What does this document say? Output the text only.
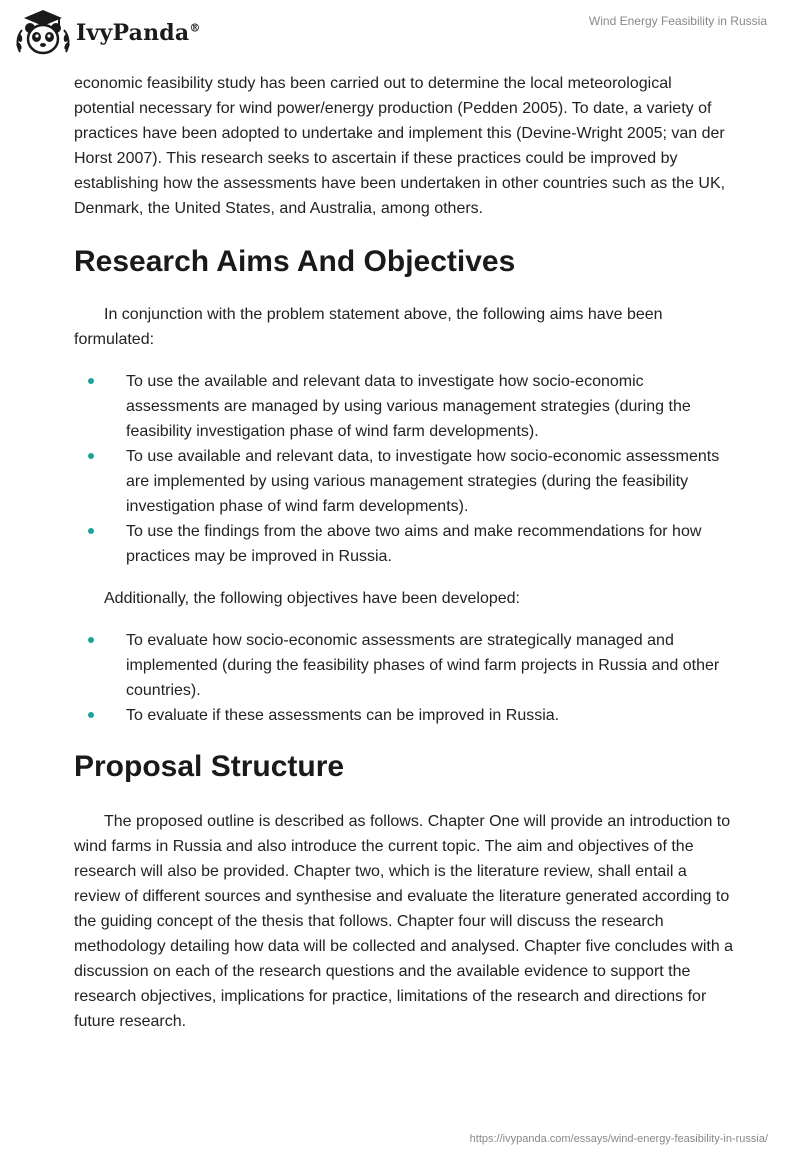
IvyPanda®
Wind Energy Feasibility in Russia

economic feasibility study has been carried out to determine the local meteorological potential necessary for wind power/energy production (Pedden 2005). To date, a variety of practices have been adopted to undertake and implement this (Devine-Wright 2005; van der Horst 2007). This research seeks to ascertain if these practices could be improved by establishing how the assessments have been undertaken in other countries such as the UK, Denmark, the United States, and Australia, among others.

Research Aims And Objectives

In conjunction with the problem statement above, the following aims have been formulated:

To use the available and relevant data to investigate how socio-economic assessments are managed by using various management strategies (during the feasibility investigation phase of wind farm developments).
To use available and relevant data, to investigate how socio-economic assessments are implemented by using various management strategies (during the feasibility investigation phase of wind farm developments).
To use the findings from the above two aims and make recommendations for how practices may be improved in Russia.

Additionally, the following objectives have been developed:

To evaluate how socio-economic assessments are strategically managed and implemented (during the feasibility phases of wind farm projects in Russia and other countries).
To evaluate if these assessments can be improved in Russia.
Proposal Structure

The proposed outline is described as follows. Chapter One will provide an introduction to wind farms in Russia and also introduce the current topic. The aim and objectives of the research will also be provided. Chapter two, which is the literature review, shall entail a review of different sources and synthesise and evaluate the literature generated according to the guiding concept of the thesis that follows. Chapter four will discuss the research methodology detailing how data will be collected and analysed. Chapter five concludes with a discussion on each of the research questions and the available evidence to support the research objectives, implications for practice, limitations of the research and directions for future research.

https://ivypanda.com/essays/wind-energy-feasibility-in-russia/
